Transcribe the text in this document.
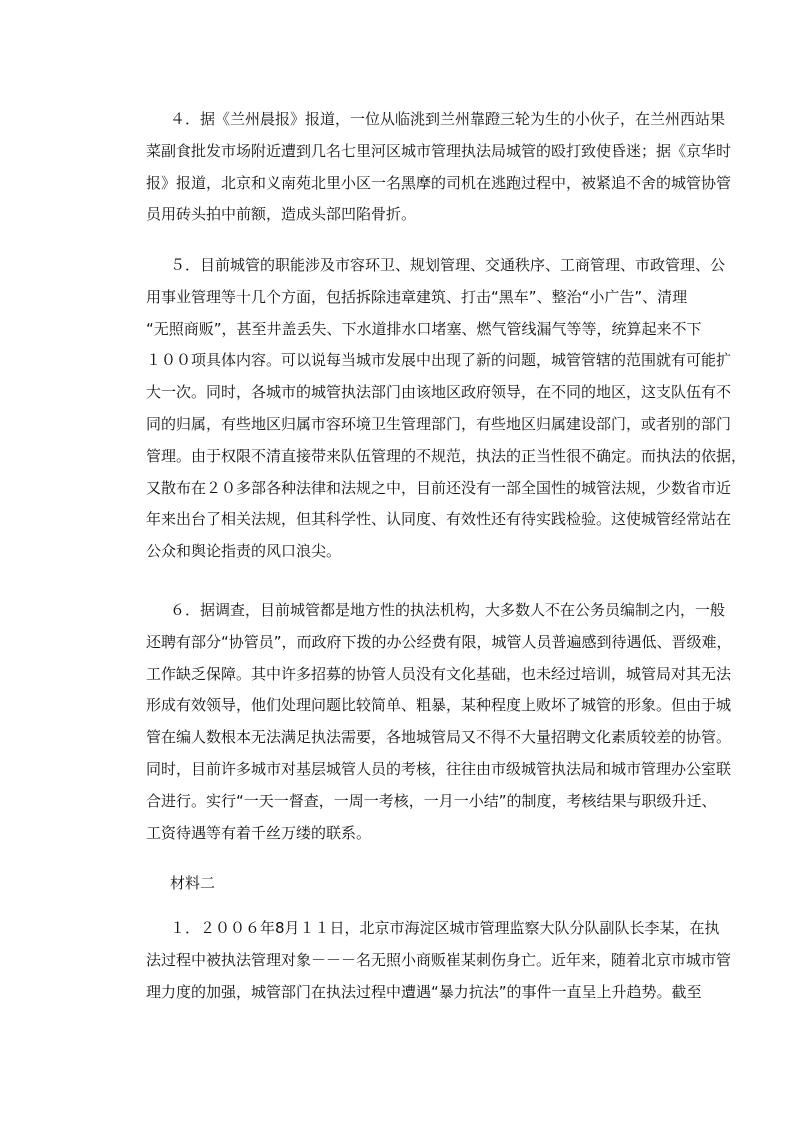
４．据《兰州晨报》报道，一位从临洮到兰州靠蹬三轮为生的小伙子，在兰州西站果
菜副食批发市场附近遭到几名七里河区城市管理执法局城管的殴打致使昏迷；据《京华时
报》报道，北京和义南苑北里小区一名黑摩的司机在逃跑过程中，被紧追不舍的城管协管
员用砖头拍中前额，造成头部凹陷骨折。
５．目前城管的职能涉及市容环卫、规划管理、交通秩序、工商管理、市政管理、公
用事业管理等十几个方面，包括拆除违章建筑、打击“黑车”、整治“小广告”、清理
“无照商贩”，甚至井盖丢失、下水道排水口堵塞、燃气管线漏气等等，统算起来不下
１００项具体内容。可以说每当城市发展中出现了新的问题，城管管辖的范围就有可能扩
大一次。同时，各城市的城管执法部门由该地区政府领导，在不同的地区，这支队伍有不
同的归属，有些地区归属市容环境卫生管理部门，有些地区归属建设部门，或者别的部门
管理。由于权限不清直接带来队伍管理的不规范，执法的正当性很不确定。而执法的依据，
又散布在２０多部各种法律和法规之中，目前还没有一部全国性的城管法规，少数省市近
年来出台了相关法规，但其科学性、认同度、有效性还有待实践检验。这使城管经常站在
公众和舆论指责的风口浪尖。
６．据调查，目前城管都是地方性的执法机构，大多数人不在公务员编制之内，一般
还聘有部分“协管员”，而政府下拨的办公经费有限，城管人员普遍感到待遇低、晋级难，
工作缺乏保障。其中许多招募的协管人员没有文化基础，也未经过培训，城管局对其无法
形成有效领导，他们处理问题比较简单、粗暴，某种程度上败坏了城管的形象。但由于城
管在编人数根本无法满足执法需要，各地城管局又不得不大量招聘文化素质较差的协管。
同时，目前许多城市对基层城管人员的考核，往往由市级城管执法局和城市管理办公室联
合进行。实行“一天一督查，一周一考核，一月一小结”的制度，考核结果与职级升迁、
工资待遇等有着千丝万缕的联系。
材料二
１．２００６年8月１１日，北京市海淀区城市管理监察大队分队副队长李某，在执
法过程中被执法管理对象－－－名无照小商贩崔某刺伤身亡。近年来，随着北京市城市管
理力度的加强，城管部门在执法过程中遭遇“暴力抗法”的事件一直呈上升趋势。截至
